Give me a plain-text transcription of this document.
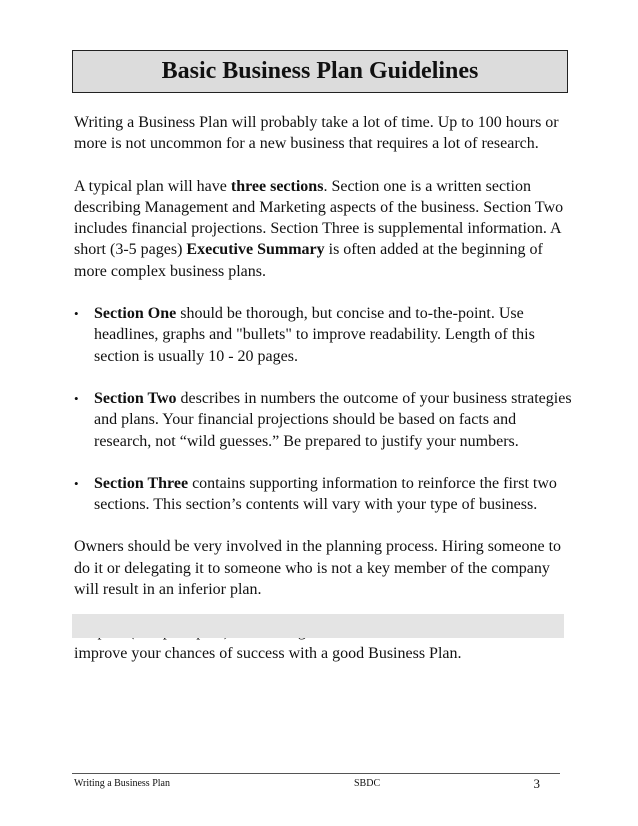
Basic Business Plan Guidelines

Writing a Business Plan will probably take a lot of time. Up to 100 hours or more is not uncommon for a new business that requires a lot of research.

A typical plan will have three sections. Section one is a written section describing Management and Marketing aspects of the business. Section Two includes financial projections. Section Three is supplemental information. A short (3-5 pages) Executive Summary is often added at the beginning of more complex business plans.

• Section One should be thorough, but concise and to-the-point. Use headlines, graphs and "bullets" to improve readability. Length of this section is usually 10 - 20 pages.
• Section Two describes in numbers the outcome of your business strategies and plans. Your financial projections should be based on facts and research, not “wild guesses.” Be prepared to justify your numbers.
• Section Three contains supporting information to reinforce the first two sections. This section’s contents will vary with your type of business.

Owners should be very involved in the planning process. Hiring someone to do it or delegating it to someone who is not a key member of the company will result in an inferior plan.

improve your chances of success with a good Business Plan.

Writing a Business Plan	SBDC	3
